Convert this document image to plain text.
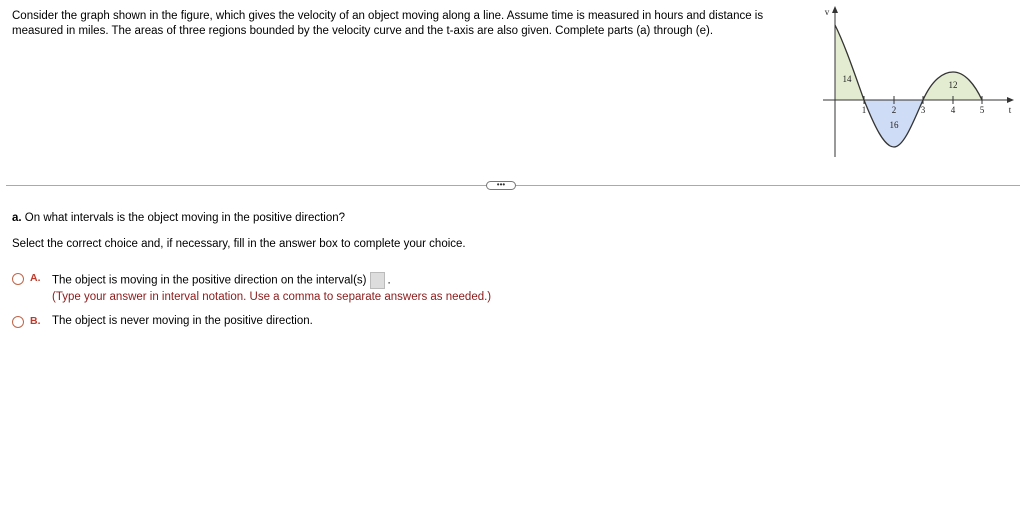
Consider the graph shown in the figure, which gives the velocity of an object moving along a line. Assume time is measured in hours and distance is measured in miles. The areas of three regions bounded by the velocity curve and the t-axis are also given. Complete parts (a) through (e).
v
t
1	2	3	4	5
14
16
12
•••
a. On what intervals is the object moving in the positive direction?
Select the correct choice and, if necessary, fill in the answer box to complete your choice.
A.	The object is moving in the positive direction on the interval(s) .
(Type your answer in interval notation. Use a comma to separate answers as needed.)
B.	The object is never moving in the positive direction.
